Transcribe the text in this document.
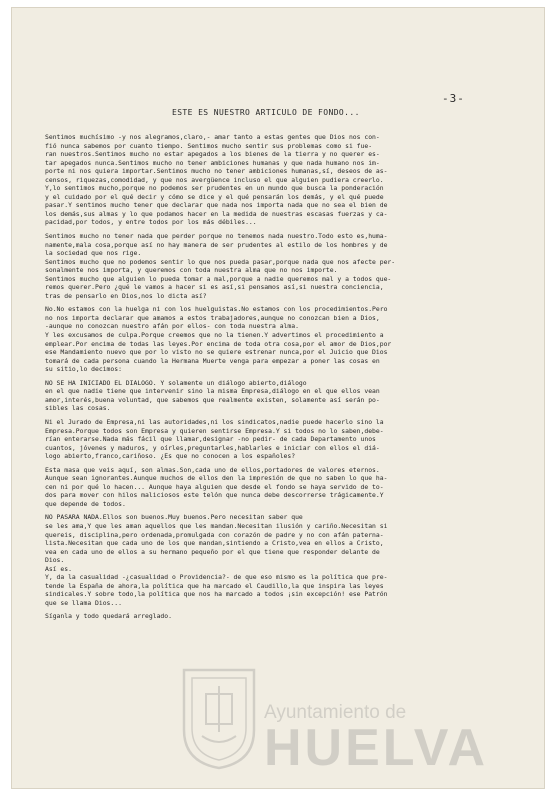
-3-
ESTE ES NUESTRO ARTICULO DE FONDO...

Sentimos muchísimo -y nos alegramos,claro,- amar tanto a estas gentes que Dios nos con-

fió nunca sabemos por cuanto tiempo. Sentimos mucho sentir sus problemas como si fue-

ran nuestros.Sentimos mucho no estar apegados a los bienes de la tierra y no querer es-

tar apegados nunca.Sentimos mucho no tener ambiciones humanas y que nada humano nos im-

porte ni nos quiera importar.Sentimos mucho no tener ambiciones humanas,sí, deseos de as-

censos, riquezas,comodidad, y que nos avergüence incluso el que alguien pudiera creerlo.

Y,lo sentimos mucho,porque no podemos ser prudentes en un mundo que busca la ponderación

y el cuidado por el qué decir y cómo se dice y el qué pensarán los demás, y el qué puede

pasar.Y sentimos mucho tener que declarar que nada nos importa nada que no sea el bien de

los demás,sus almas y lo que podamos hacer en la medida de nuestras escasas fuerzas y ca-

pacidad,por todos, y entre todos por los más débiles...

Sentimos mucho no tener nada que perder porque no tenemos nada nuestro.Todo esto es,huma-

namente,mala cosa,porque así no hay manera de ser prudentes al estilo de los hombres y de

la sociedad que nos rige.

Sentimos mucho que no podemos sentir lo que nos pueda pasar,porque nada que nos afecte per-

sonalmente nos importa, y queremos con toda nuestra alma que no nos importe.

Sentimos mucho que alguien lo pueda tomar a mal,porque a nadie queremos mal y a todos que-

remos querer.Pero ¿qué le vamos a hacer si es así,si pensamos así,si nuestra conciencia,

tras de pensarlo en Dios,nos lo dicta así?

No.No estamos con la huelga ni con los huelguistas.No estamos con los procedimientos.Pero

no nos importa declarar que amamos a estos trabajadores,aunque no conozcan bien a Dios,

-aunque no conozcan nuestro afán por ellos- con toda nuestra alma.

Y les excusamos de culpa.Porque creemos que no la tienen.Y advertimos el procedimiento a

emplear.Por encima de todas las leyes.Por encima de toda otra cosa,por el amor de Dios,por

ese Mandamiento nuevo que por lo visto no se quiere estrenar nunca,por el Juicio que Dios

tomará de cada persona cuando la Hermana Muerte venga para empezar a poner las cosas en

su sitio,lo decimos:

NO SE HA INICIADO EL DIALOGO. Y solamente un diálogo abierto,diálogo

en el que nadie tiene que intervenir sino la misma Empresa,diálogo en el que ellos vean

amor,interés,buena voluntad, que sabemos que realmente existen, solamente así serán po-

sibles las cosas.

Ni el Jurado de Empresa,ni las autoridades,ni los sindicatos,nadie puede hacerlo sino la

Empresa.Porque todos son Empresa y quieren sentirse Empresa.Y si todos no lo saben,debe-

rían enterarse.Nada más fácil que llamar,designar -no pedir- de cada Departamento unos

cuantos, jóvenes y maduros, y oírles,preguntarles,hablarles e iniciar con ellos el diá-

logo abierto,franco,cariñoso. ¿Es que no conocen a los españoles?

Esta masa que veis aquí, son almas.Son,cada uno de ellos,portadores de valores eternos.

Aunque sean ignorantes.Aunque muchos de ellos den la impresión de que no saben lo que ha-

cen ni por qué lo hacen... Aunque haya alguien que desde el fondo se haya servido de to-

dos para mover con hilos maliciosos este telón que nunca debe descorrerse trágicamente.Y

que depende de todos.

NO PASARA NADA.Ellos son buenos.Muy buenos.Pero necesitan saber que

se les ama,Y que les aman aquellos que les mandan.Necesitan ilusión y cariño.Necesitan si

quereis, disciplina,pero ordenada,promulgada con corazón de padre y no con afán paterna-

lista.Necesitan que cada uno de los que mandan,sintiendo a Cristo,vea en ellos a Cristo,

vea en cada uno de ellos a su hermano pequeño por el que tiene que responder delante de

Dios.

Así es.

Y, da la casualidad -¿casualidad o Providencia?- de que eso mismo es la política que pre-

tende la España de ahora,la política que ha marcado el Caudillo,la que inspira las leyes

sindicales.Y sobre todo,la política que nos ha marcado a todos ¡sin excepción! ese Patrón

que se llama Dios...

Síganla y todo quedará arreglado.

Ayuntamiento de
HUELVA
